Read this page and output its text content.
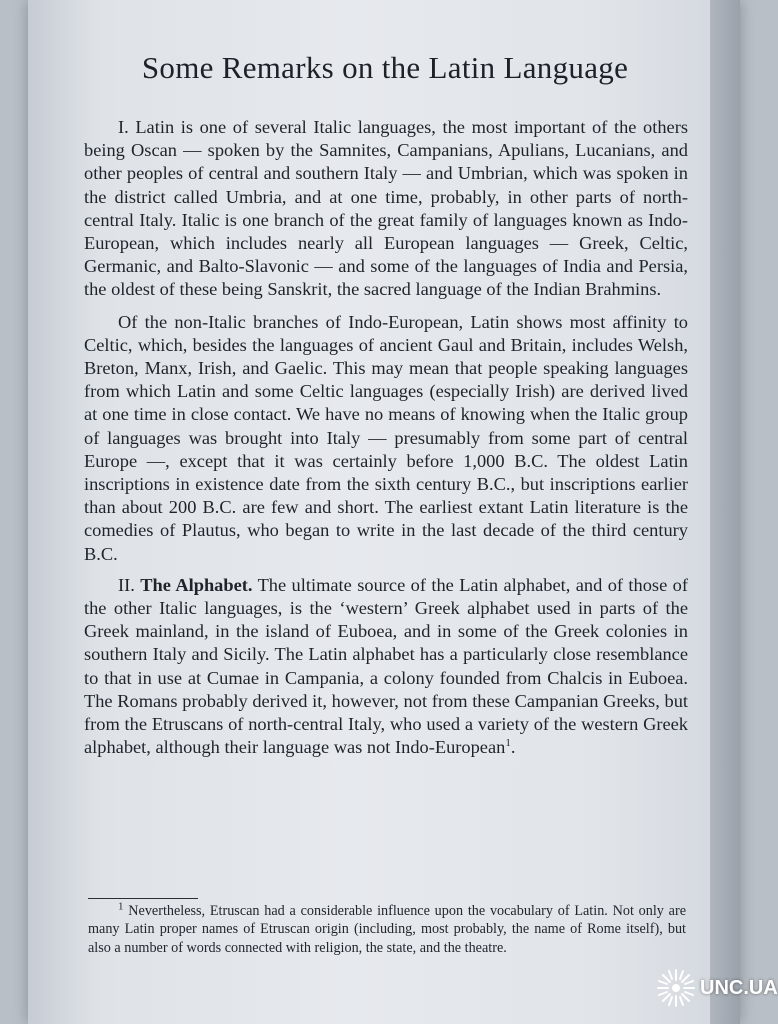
Some Remarks on the Latin Language

I. Latin is one of several Italic languages, the most important of the others being Oscan — spoken by the Samnites, Campanians, Apulians, Lucanians, and other peoples of central and southern Italy — and Umbrian, which was spoken in the district called Umbria, and at one time, probably, in other parts of north-central Italy. Italic is one branch of the great family of languages known as Indo-European, which includes nearly all European languages — Greek, Celtic, Germanic, and Balto-Slavonic — and some of the languages of India and Persia, the oldest of these being Sanskrit, the sacred language of the Indian Brahmins.

Of the non-Italic branches of Indo-European, Latin shows most affinity to Celtic, which, besides the languages of ancient Gaul and Britain, includes Welsh, Breton, Manx, Irish, and Gaelic. This may mean that people speaking languages from which Latin and some Celtic languages (especially Irish) are derived lived at one time in close contact. We have no means of knowing when the Italic group of languages was brought into Italy — presumably from some part of central Europe —, except that it was certainly before 1,000 B.C. The oldest Latin inscriptions in existence date from the sixth century B.C., but inscriptions earlier than about 200 B.C. are few and short. The earliest extant Latin literature is the comedies of Plautus, who began to write in the last decade of the third century B.C.

II. The Alphabet. The ultimate source of the Latin alphabet, and of those of the other Italic languages, is the ‘western’ Greek alphabet used in parts of the Greek mainland, in the island of Euboea, and in some of the Greek colonies in southern Italy and Sicily. The Latin alphabet has a particularly close resemblance to that in use at Cumae in Campania, a colony founded from Chalcis in Euboea. The Romans probably derived it, however, not from these Campanian Greeks, but from the Etruscans of north-central Italy, who used a variety of the western Greek alphabet, although their language was not Indo-European$^1$.

$^1$ Nevertheless, Etruscan had a considerable influence upon the vocabulary of Latin. Not only are many Latin proper names of Etruscan origin (including, most probably, the name of Rome itself), but also a number of words connected with religion, the state, and the theatre.

UNC.UA
